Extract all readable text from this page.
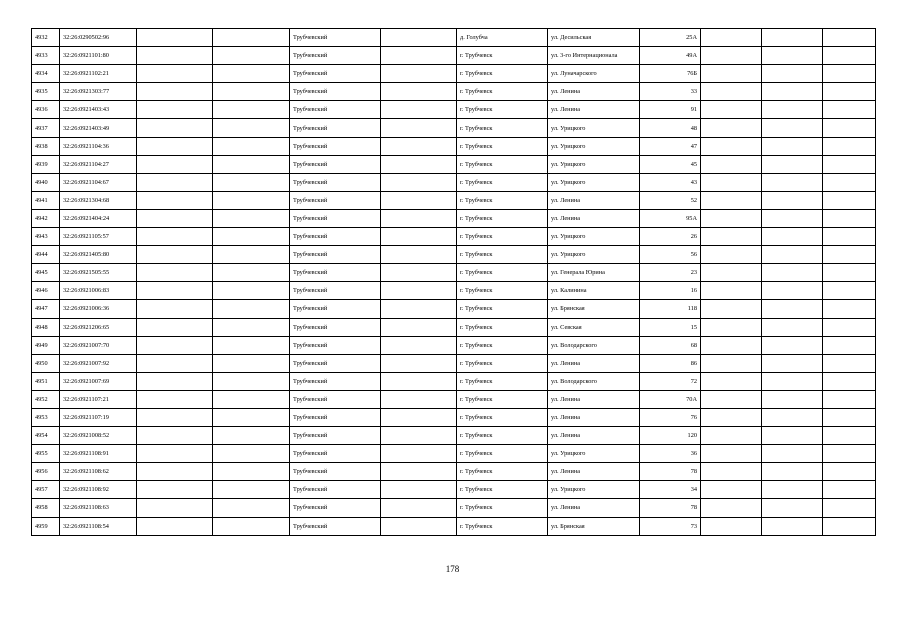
4932	32:26:0290502:96			Трубчевский		д. Голубча	ул. Десильская	25А			
4933	32:26:0921101:80			Трубчевский		г. Трубчевск	ул. 3-го Интернационала	49А			
4934	32:26:0921102:21			Трубчевский		г. Трубчевск	ул. Луначарского	76Б			
4935	32:26:0921303:77			Трубчевский		г. Трубчевск	ул. Ленина	33			
4936	32:26:0921403:43			Трубчевский		г. Трубчевск	ул. Ленина	91			
4937	32:26:0921403:49			Трубчевский		г. Трубчевск	ул. Урицкого	48			
4938	32:26:0921104:36			Трубчевский		г. Трубчевск	ул. Урицкого	47			
4939	32:26:0921104:27			Трубчевский		г. Трубчевск	ул. Урицкого	45			
4940	32:26:0921104:67			Трубчевский		г. Трубчевск	ул. Урицкого	43			
4941	32:26:0921304:68			Трубчевский		г. Трубчевск	ул. Ленина	52			
4942	32:26:0921404:24			Трубчевский		г. Трубчевск	ул. Ленина	95А			
4943	32:26:0921105:57			Трубчевский		г. Трубчевск	ул. Урицкого	26			
4944	32:26:0921405:80			Трубчевский		г. Трубчевск	ул. Урицкого	56			
4945	32:26:0921505:55			Трубчевский		г. Трубчевск	ул. Генерала Юрина	23			
4946	32:26:0921006:83			Трубчевский		г. Трубчевск	ул. Калинина	16			
4947	32:26:0921006:36			Трубчевский		г. Трубчевск	ул. Брянская	118			
4948	32:26:0921206:65			Трубчевский		г. Трубчевск	ул. Севская	15			
4949	32:26:0921007:70			Трубчевский		г. Трубчевск	ул. Володарского	68			
4950	32:26:0921007:92			Трубчевский		г. Трубчевск	ул. Ленина	86			
4951	32:26:0921007:69			Трубчевский		г. Трубчевск	ул. Володарского	72			
4952	32:26:0921107:21			Трубчевский		г. Трубчевск	ул. Ленина	70А			
4953	32:26:0921107:19			Трубчевский		г. Трубчевск	ул. Ленина	76			
4954	32:26:0921008:52			Трубчевский		г. Трубчевск	ул. Ленина	120			
4955	32:26:0921108:91			Трубчевский		г. Трубчевск	ул. Урицкого	36			
4956	32:26:0921108:62			Трубчевский		г. Трубчевск	ул. Ленина	78			
4957	32:26:0921108:92			Трубчевский		г. Трубчевск	ул. Урицкого	34			
4958	32:26:0921108:63			Трубчевский		г. Трубчевск	ул. Ленина	78			
4959	32:26:0921108:54			Трубчевский		г. Трубчевск	ул. Брянская	73			
178
